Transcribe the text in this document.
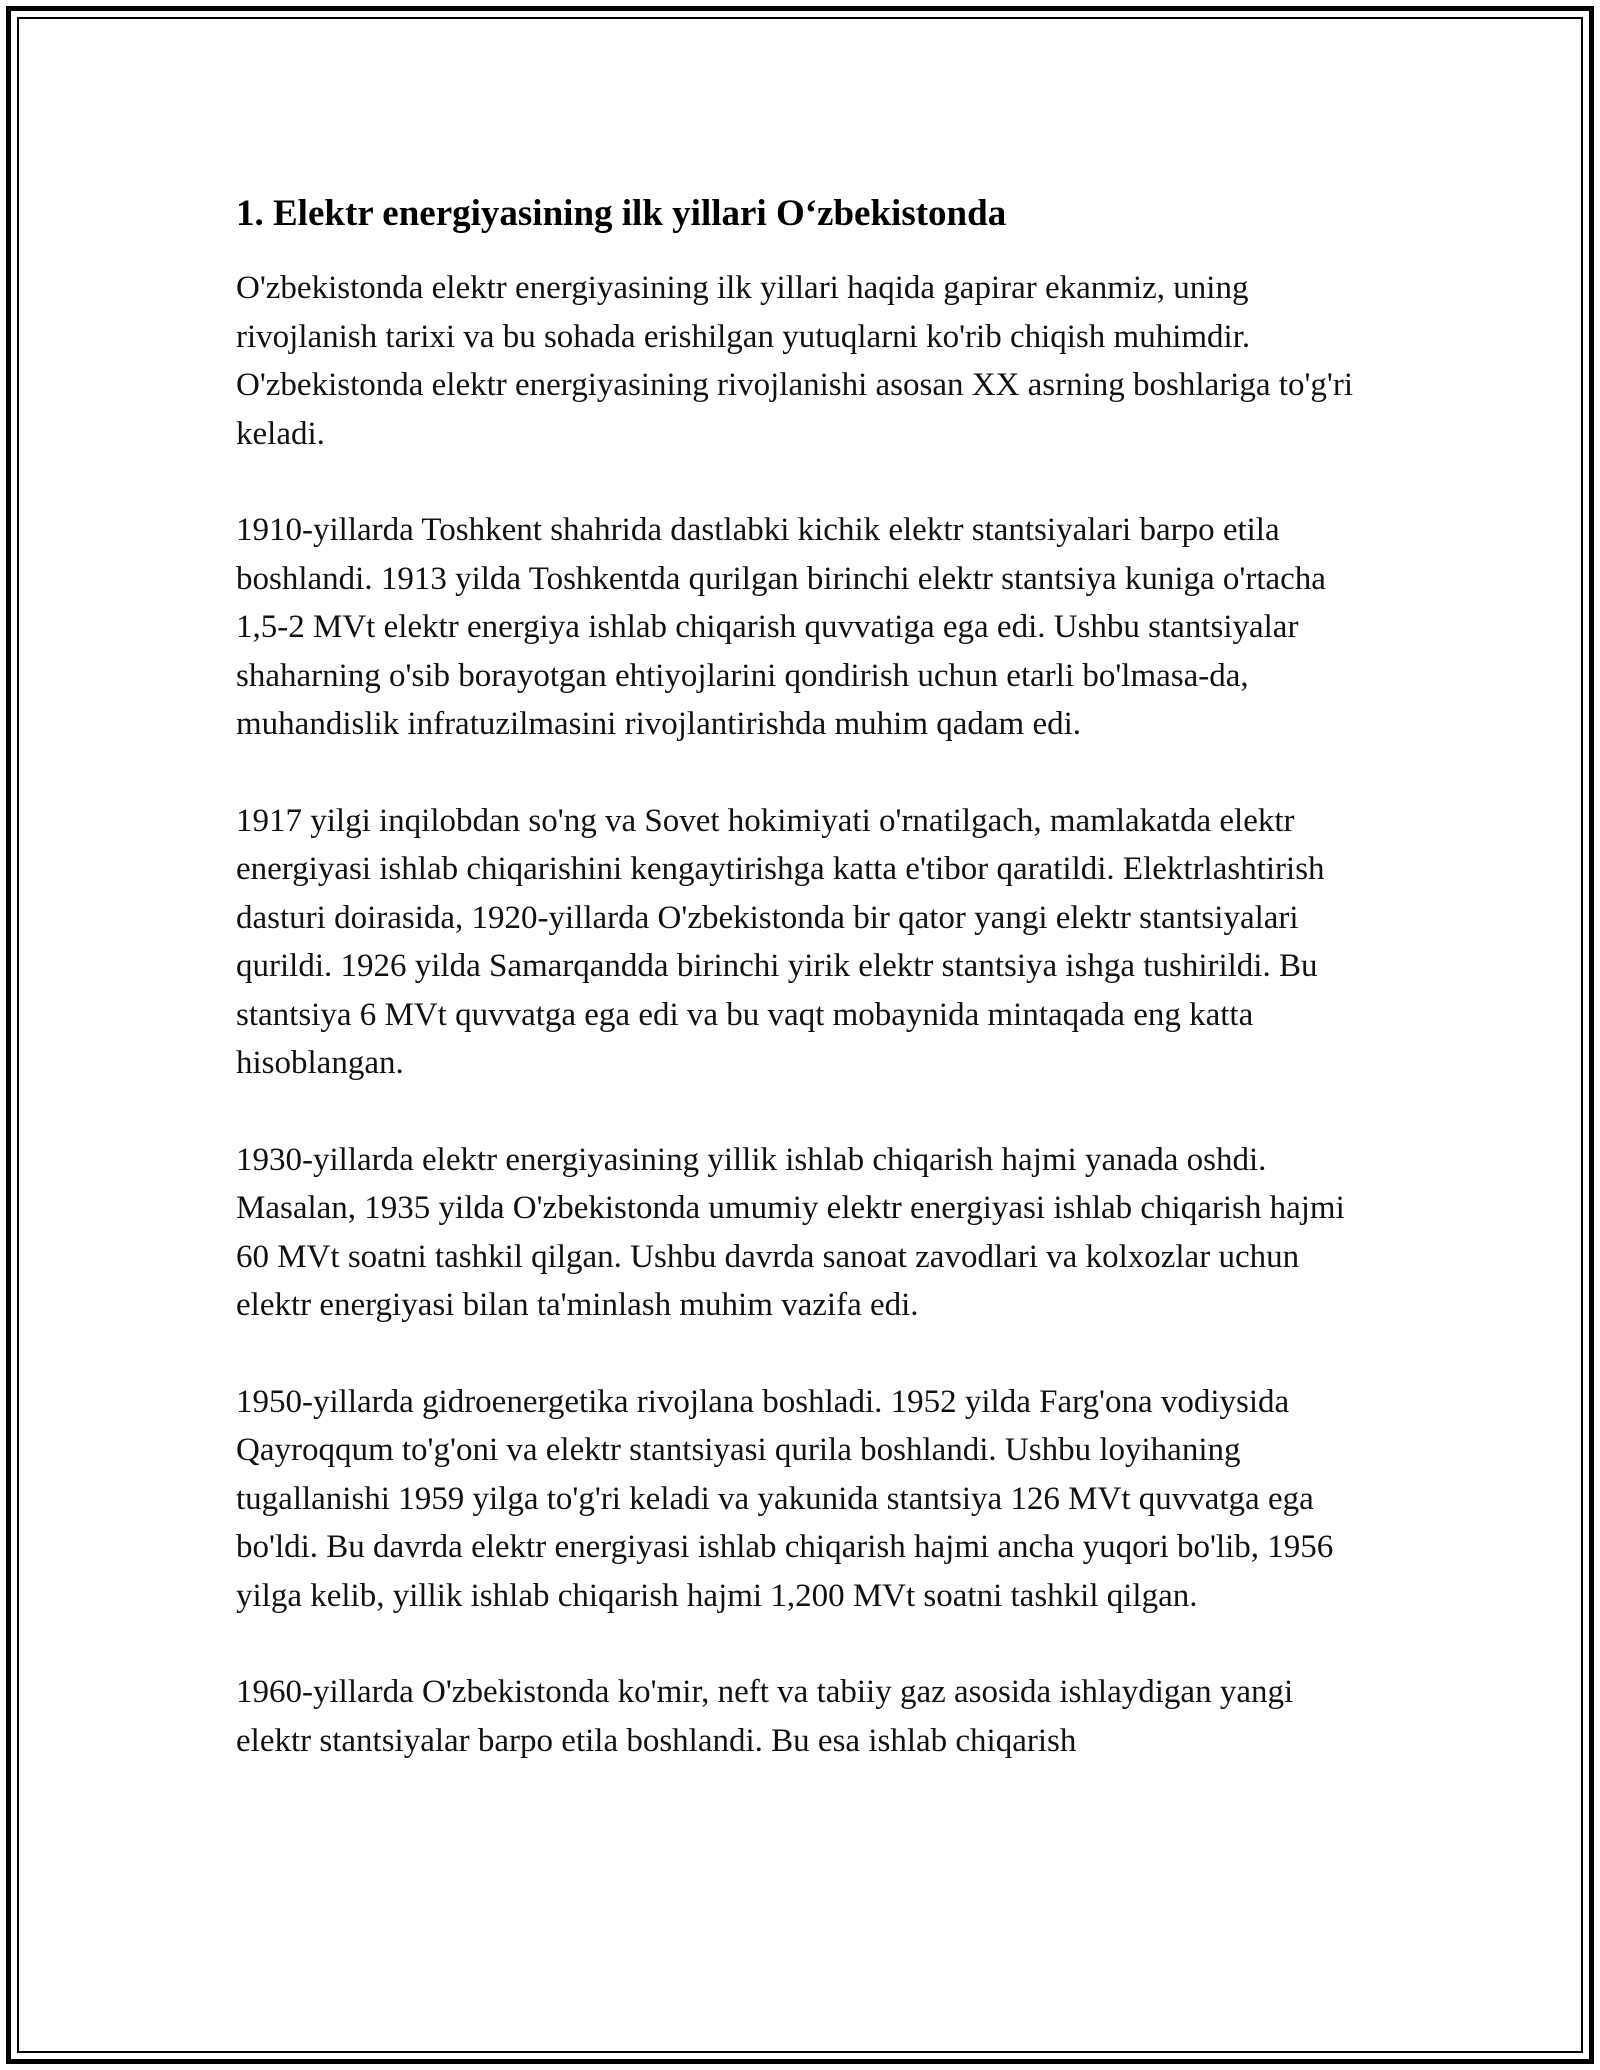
1. Elektr energiyasining ilk yillari O‘zbekistonda

O'zbekistonda elektr energiyasining ilk yillari haqida gapirar ekanmiz, uning rivojlanish tarixi va bu sohada erishilgan yutuqlarni ko'rib chiqish muhimdir. O'zbekistonda elektr energiyasining rivojlanishi asosan XX asrning boshlariga to'g'ri keladi.

1910-yillarda Toshkent shahrida dastlabki kichik elektr stantsiyalari barpo etila boshlandi. 1913 yilda Toshkentda qurilgan birinchi elektr stantsiya kuniga o'rtacha 1,5-2 MVt elektr energiya ishlab chiqarish quvvatiga ega edi. Ushbu stantsiyalar shaharning o'sib borayotgan ehtiyojlarini qondirish uchun etarli bo'lmasa-da, muhandislik infratuzilmasini rivojlantirishda muhim qadam edi.

1917 yilgi inqilobdan so'ng va Sovet hokimiyati o'rnatilgach, mamlakatda elektr energiyasi ishlab chiqarishini kengaytirishga katta e'tibor qaratildi. Elektrlashtirish dasturi doirasida, 1920-yillarda O'zbekistonda bir qator yangi elektr stantsiyalari qurildi. 1926 yilda Samarqandda birinchi yirik elektr stantsiya ishga tushirildi. Bu stantsiya 6 MVt quvvatga ega edi va bu vaqt mobaynida mintaqada eng katta hisoblangan.

1930-yillarda elektr energiyasining yillik ishlab chiqarish hajmi yanada oshdi. Masalan, 1935 yilda O'zbekistonda umumiy elektr energiyasi ishlab chiqarish hajmi 60 MVt soatni tashkil qilgan. Ushbu davrda sanoat zavodlari va kolxozlar uchun elektr energiyasi bilan ta'minlash muhim vazifa edi.

1950-yillarda gidroenergetika rivojlana boshladi. 1952 yilda Farg'ona vodiysida Qayroqqum to'g'oni va elektr stantsiyasi qurila boshlandi. Ushbu loyihaning tugallanishi 1959 yilga to'g'ri keladi va yakunida stantsiya 126 MVt quvvatga ega bo'ldi. Bu davrda elektr energiyasi ishlab chiqarish hajmi ancha yuqori bo'lib, 1956 yilga kelib, yillik ishlab chiqarish hajmi 1,200 MVt soatni tashkil qilgan.

1960-yillarda O'zbekistonda ko'mir, neft va tabiiy gaz asosida ishlaydigan yangi elektr stantsiyalar barpo etila boshlandi. Bu esa ishlab chiqarish
